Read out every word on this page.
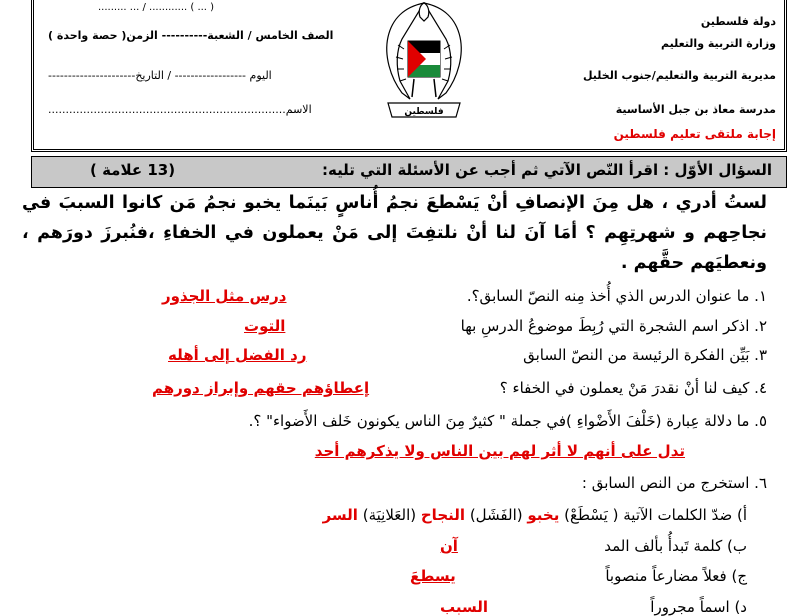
( ... ) ............ / ... .........
الصف الخامس / الشعبة---------- الزمن( حصة واحدة )
اليوم ------------------ / التاريخ----------------------
الاسم....................................................................
دولة فلسطين
وزارة التربية والتعليم
مديرية التربية والتعليم/جنوب الخليل
مدرسة معاذ بن جبل الأساسية
إجابة ملتقى تعليم فلسطين
فلسطين
السؤال الأوّل : اقرأ النّص الآتي ثم أجب عن الأسئلة التي تليه:
(13 علامة )
لستُ أدري ، هل مِنَ الإنصافِ أنْ يَسْطعَ نجمُ أُناسٍ بَينَما يخبو نجمُ مَن كانوا السببَ في نجاحِهم و شهرتِهِم ؟ أمَا آنَ لنا أنْ نلتفِتَ إلى مَنْ يعملون في الخفاءِ ،فنُبرزَ دورَهم ، ونعطيَهم حقَّهم .
١. ما عنوان الدرس الذي أُخذ مِنه النصّ السابق؟.
درس مثل الجذور
٢. اذكر اسم الشجرة التي رُبِطَ موضوعُ الدرسِ بها
التوت
٣. بَيِّن الفكرة الرئيسة من النصّ السابق
رد الفضل إلى أهله
٤. كيف لنا أنْ نقدرَ مَنْ يعملون في الخفاء ؟
إعطاؤهم حقهم وإبراز دورهم
٥. ما دلالة عِبارة (خَلْفَ الأَضْواءِ )في جملة " كثيرٌ مِنَ الناس يكونون خَلف الأَضواء" ؟.
تدل على أنهم لا أثر لهم بين الناس ولا يذكرهم أحد
٦. استخرج من النص السابق :
أ) ضدّ الكلمات الآتية ( يَسْطَعْ) يخبو (الفَشَل) النجاح (العَلانِيَة) السر
ب) كلمة تَبدأُ بألف المد
آن
ج) فعلاً مضارعاً منصوباً
يسطعَ
د) اسماً مجروراً
السبب
